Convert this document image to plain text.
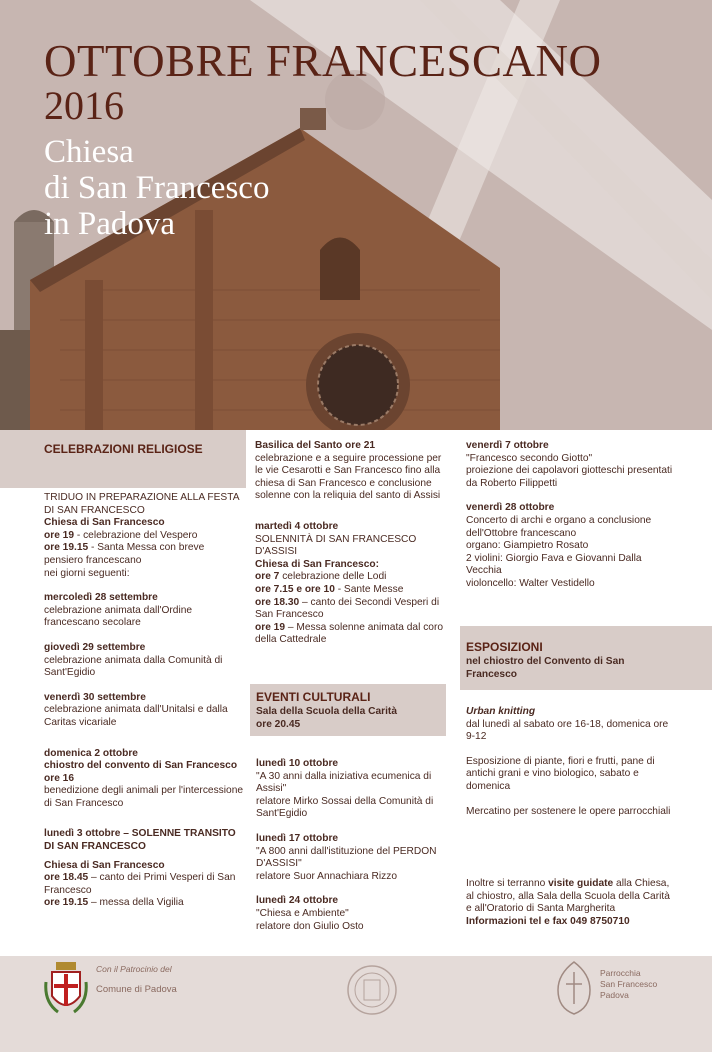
OTTOBRE FRANCESCANO
2016
Chiesa
di San Francesco
in Padova
CELEBRAZIONI RELIGIOSE

TRIDUO IN PREPARAZIONE ALLA FESTA DI SAN FRANCESCO

Chiesa di San Francesco

ore 19 - celebrazione del Vespero

ore 19.15 - Santa Messa con breve pensiero francescano

nei giorni seguenti:

mercoledì 28 settembre

celebrazione animata dall'Ordine francescano secolare

giovedì 29 settembre

celebrazione animata dalla Comunità di Sant'Egidio

venerdì 30 settembre

celebrazione animata dall'Unitalsi e dalla Caritas vicariale

domenica 2 ottobre

chiostro del convento di San Francesco

ore 16

benedizione degli animali per l'intercessione di San Francesco

lunedì 3 ottobre – SOLENNE TRANSITO DI SAN FRANCESCO

Chiesa di San Francesco

ore 18.45 – canto dei Primi Vesperi di San Francesco

ore 19.15 – messa della Vigilia

Basilica del Santo ore 21

celebrazione e a seguire processione per le vie Cesarotti e San Francesco fino alla chiesa di San Francesco e conclusione solenne con la reliquia del santo di Assisi

martedì 4 ottobre

SOLENNITÀ DI SAN FRANCESCO D'ASSISI

Chiesa di San Francesco:

ore 7 celebrazione delle Lodi

ore 7.15 e ore 10 - Sante Messe

ore 18.30 – canto dei Secondi Vesperi di San Francesco

ore 19 – Messa solenne animata dal coro della Cattedrale

EVENTI CULTURALI

Sala della Scuola della Carità

ore 20.45

lunedì 10 ottobre

"A 30 anni dalla iniziativa ecumenica di Assisi"

relatore Mirko Sossai della Comunità di Sant'Egidio

lunedì 17 ottobre

"A 800 anni dall'istituzione del PERDON D'ASSISI"

relatore Suor Annachiara Rizzo

lunedì 24 ottobre

"Chiesa e Ambiente"

relatore don Giulio Osto

venerdì 7 ottobre

"Francesco secondo Giotto"

proiezione dei capolavori giotteschi presentati da Roberto Filippetti

venerdì 28 ottobre

Concerto di archi e organo a conclusione dell'Ottobre francescano

organo: Giampietro Rosato

2 violini: Giorgio Fava e Giovanni Dalla Vecchia

violoncello: Walter Vestidello

ESPOSIZIONI
nel chiostro del Convento di San Francesco

Urban knitting

dal lunedì al sabato ore 16-18, domenica ore 9-12

Esposizione di piante, fiori e frutti, pane di antichi grani e vino biologico, sabato e domenica

Mercatino per sostenere le opere parrocchiali

Inoltre si terranno visite guidate alla Chiesa, al chiostro, alla Sala della Scuola della Carità e all'Oratorio di Santa Margherita

Informazioni tel e fax 049 8750710

Con il Patrocinio del
Comune di Padova
Parrocchia
San Francesco
Padova
